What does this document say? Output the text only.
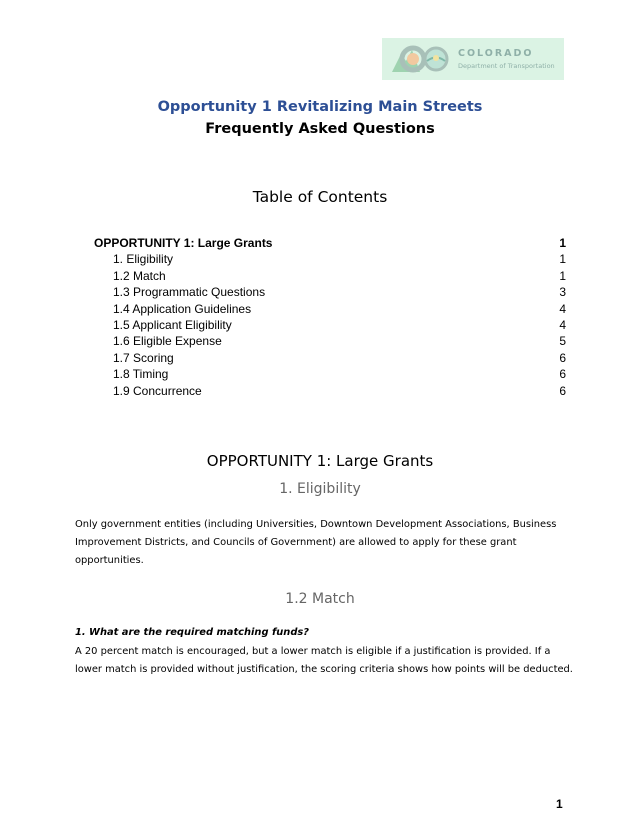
COLORADO
Department of Transportation
Opportunity 1 Revitalizing Main Streets
Frequently Asked Questions
Table of Contents
OPPORTUNITY 1: Large Grants	1
1. Eligibility	1
1.2 Match	1
1.3 Programmatic Questions	3
1.4 Application Guidelines	4
1.5 Applicant Eligibility	4
1.6 Eligible Expense	5
1.7 Scoring	6
1.8 Timing	6
1.9 Concurrence	6
OPPORTUNITY 1: Large Grants
1. Eligibility
Only government entities (including Universities, Downtown Development Associations, Business Improvement Districts, and Councils of Government) are allowed to apply for these grant opportunities.
1.2 Match
1. What are the required matching funds?
A 20 percent match is encouraged, but a lower match is eligible if a justification is provided. If a lower match is provided without justification, the scoring criteria shows how points will be deducted.
1
